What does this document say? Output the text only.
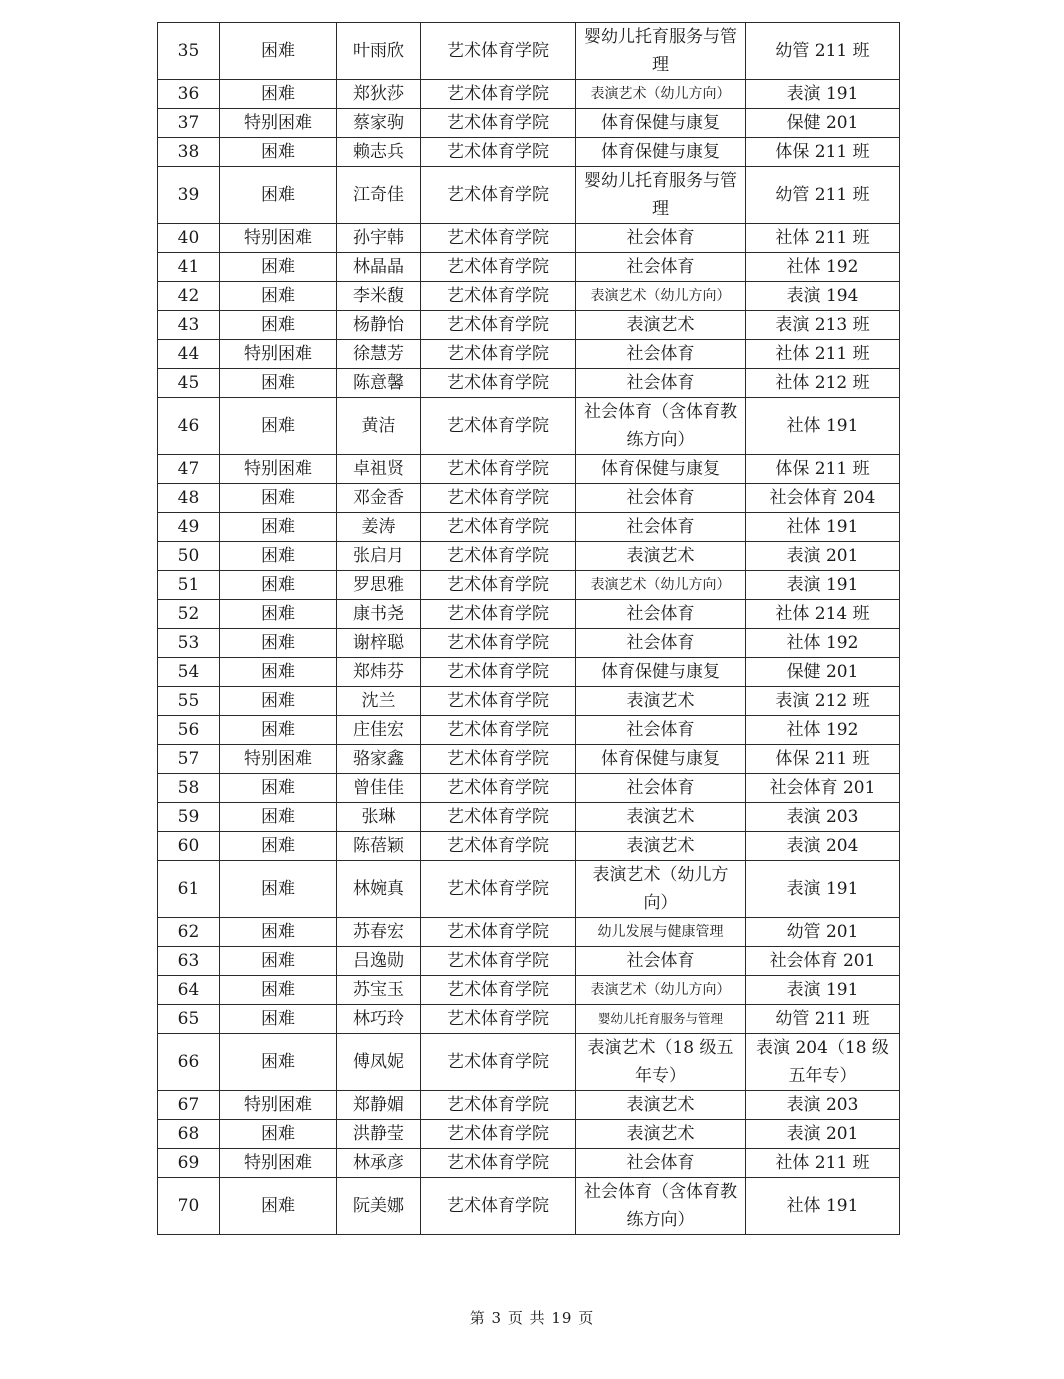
35	困难	叶雨欣	艺术体育学院	婴幼儿托育服务与管理	幼管 211 班
36	困难	郑狄莎	艺术体育学院	表演艺术（幼儿方向）	表演 191
37	特别困难	蔡家驹	艺术体育学院	体育保健与康复	保健 201
38	困难	赖志兵	艺术体育学院	体育保健与康复	体保 211 班
39	困难	江奇佳	艺术体育学院	婴幼儿托育服务与管理	幼管 211 班
40	特别困难	孙宇韩	艺术体育学院	社会体育	社体 211 班
41	困难	林晶晶	艺术体育学院	社会体育	社体 192
42	困难	李米馥	艺术体育学院	表演艺术（幼儿方向）	表演 194
43	困难	杨静怡	艺术体育学院	表演艺术	表演 213 班
44	特别困难	徐慧芳	艺术体育学院	社会体育	社体 211 班
45	困难	陈意馨	艺术体育学院	社会体育	社体 212 班
46	困难	黄洁	艺术体育学院	社会体育（含体育教练方向）	社体 191
47	特别困难	卓祖贤	艺术体育学院	体育保健与康复	体保 211 班
48	困难	邓金香	艺术体育学院	社会体育	社会体育 204
49	困难	姜涛	艺术体育学院	社会体育	社体 191
50	困难	张启月	艺术体育学院	表演艺术	表演 201
51	困难	罗思雅	艺术体育学院	表演艺术（幼儿方向）	表演 191
52	困难	康书尧	艺术体育学院	社会体育	社体 214 班
53	困难	谢梓聪	艺术体育学院	社会体育	社体 192
54	困难	郑炜芬	艺术体育学院	体育保健与康复	保健 201
55	困难	沈兰	艺术体育学院	表演艺术	表演 212 班
56	困难	庄佳宏	艺术体育学院	社会体育	社体 192
57	特别困难	骆家鑫	艺术体育学院	体育保健与康复	体保 211 班
58	困难	曾佳佳	艺术体育学院	社会体育	社会体育 201
59	困难	张琳	艺术体育学院	表演艺术	表演 203
60	困难	陈蓓颖	艺术体育学院	表演艺术	表演 204
61	困难	林婉真	艺术体育学院	表演艺术（幼儿方向）	表演 191
62	困难	苏春宏	艺术体育学院	幼儿发展与健康管理	幼管 201
63	困难	吕逸勋	艺术体育学院	社会体育	社会体育 201
64	困难	苏宝玉	艺术体育学院	表演艺术（幼儿方向）	表演 191
65	困难	林巧玲	艺术体育学院	婴幼儿托育服务与管理	幼管 211 班
66	困难	傅凤妮	艺术体育学院	表演艺术（18 级五年专）	表演 204（18 级五年专）
67	特别困难	郑静媚	艺术体育学院	表演艺术	表演 203
68	困难	洪静莹	艺术体育学院	表演艺术	表演 201
69	特别困难	林承彦	艺术体育学院	社会体育	社体 211 班
70	困难	阮美娜	艺术体育学院	社会体育（含体育教练方向）	社体 191
第 3 页 共 19 页
